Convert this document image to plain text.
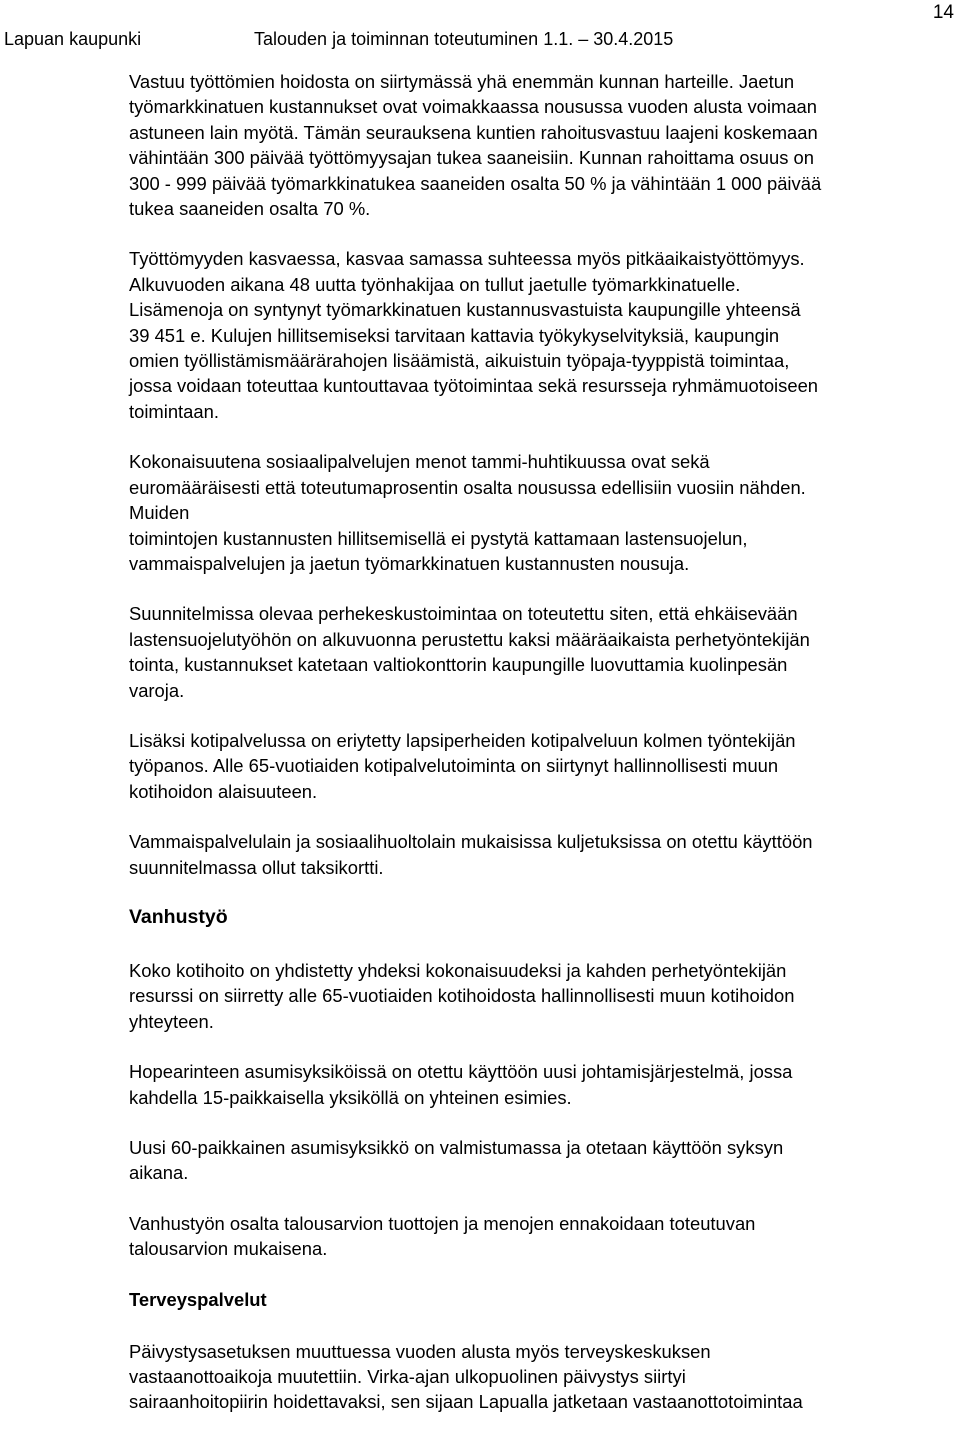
Lapuan kaupunki	Talouden ja toiminnan toteutuminen 1.1. – 30.4.2015
14

Vastuu työttömien hoidosta on siirtymässä yhä enemmän kunnan harteille. Jaetun
työmarkkinatuen kustannukset ovat voimakkaassa nousussa vuoden alusta voimaan
astuneen lain myötä. Tämän seurauksena kuntien rahoitusvastuu laajeni koskemaan
vähintään 300 päivää työttömyysajan tukea saaneisiin. Kunnan rahoittama osuus on
300 - 999 päivää työmarkkinatukea saaneiden osalta 50 % ja vähintään 1 000 päivää
tukea saaneiden osalta 70 %.

Työttömyyden kasvaessa, kasvaa samassa suhteessa myös pitkäaikaistyöttömyys.
Alkuvuoden aikana 48 uutta työnhakijaa on tullut jaetulle työmarkkinatuelle.
Lisämenoja on syntynyt työmarkkinatuen kustannusvastuista kaupungille yhteensä
39 451 e. Kulujen hillitsemiseksi tarvitaan kattavia työkykyselvityksiä, kaupungin
omien työllistämismäärärahojen lisäämistä, aikuistuin työpaja-tyyppistä toimintaa,
jossa voidaan toteuttaa kuntouttavaa työtoimintaa sekä resursseja ryhmämuotoiseen
toimintaan.

Kokonaisuutena sosiaalipalvelujen menot tammi-huhtikuussa ovat sekä
euromääräisesti että toteutumaprosentin osalta nousussa edellisiin vuosiin nähden.
Muiden
toimintojen kustannusten hillitsemisellä ei pystytä kattamaan lastensuojelun,
vammaispalvelujen ja jaetun työmarkkinatuen kustannusten nousuja.

Suunnitelmissa olevaa perhekeskustoimintaa on toteutettu siten, että ehkäisevään
lastensuojelutyöhön on alkuvuonna perustettu kaksi määräaikaista perhetyöntekijän
tointa, kustannukset katetaan valtiokonttorin kaupungille luovuttamia kuolinpesän
varoja.

Lisäksi kotipalvelussa on eriytetty lapsiperheiden kotipalveluun kolmen työntekijän
työpanos. Alle 65-vuotiaiden kotipalvelutoiminta on siirtynyt hallinnollisesti muun
kotihoidon alaisuuteen.

Vammaispalvelulain ja sosiaalihuoltolain mukaisissa kuljetuksissa on otettu käyttöön
suunnitelmassa ollut taksikortti.

Vanhustyö

Koko kotihoito on yhdistetty yhdeksi kokonaisuudeksi ja kahden perhetyöntekijän
resurssi on siirretty alle 65-vuotiaiden kotihoidosta hallinnollisesti muun kotihoidon
yhteyteen.

Hopearinteen asumisyksiköissä on otettu käyttöön uusi johtamisjärjestelmä, jossa
kahdella 15-paikkaisella yksiköllä on yhteinen esimies.

Uusi 60-paikkainen asumisyksikkö on valmistumassa ja otetaan käyttöön syksyn
aikana.

Vanhustyön osalta talousarvion tuottojen ja menojen ennakoidaan toteutuvan
talousarvion mukaisena.

Terveyspalvelut

Päivystysasetuksen muuttuessa vuoden alusta myös terveyskeskuksen
vastaanottoaikoja muutettiin. Virka-ajan ulkopuolinen päivystys siirtyi
sairaanhoitopiirin hoidettavaksi, sen sijaan Lapualla jatketaan vastaanottotoimintaa
